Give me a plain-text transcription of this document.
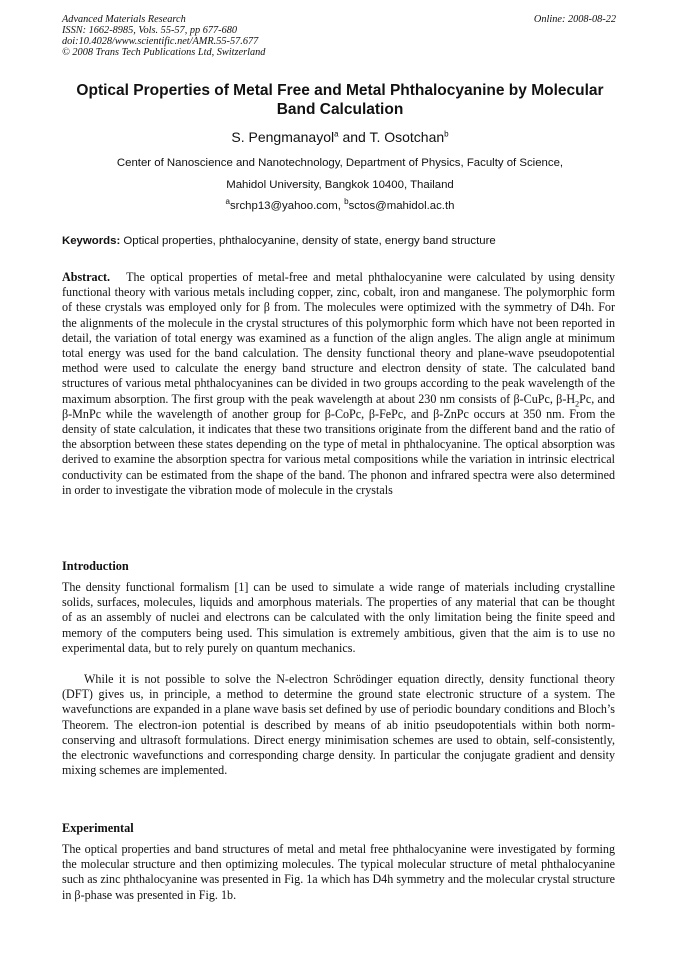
Advanced Materials Research
ISSN: 1662-8985, Vols. 55-57, pp 677-680
doi:10.4028/www.scientific.net/AMR.55-57.677
© 2008 Trans Tech Publications Ltd, Switzerland
Online: 2008-08-22
Optical Properties of Metal Free and Metal Phthalocyanine by Molecular Band Calculation
S. Pengmanayol$^a$ and T. Osotchan$^b$
Center of Nanoscience and Nanotechnology, Department of Physics, Faculty of Science,
Mahidol University, Bangkok 10400, Thailand
$^a$srchp13@yahoo.com, $^b$sctos@mahidol.ac.th
Keywords: Optical properties, phthalocyanine, density of state, energy band structure
Abstract.   The optical properties of metal-free and metal phthalocyanine were calculated by using density functional theory with various metals including copper, zinc, cobalt, iron and manganese. The polymorphic form of these crystals was employed only for β from. The molecules were optimized with the symmetry of D4h. For the alignments of the molecule in the crystal structures of this polymorphic form which have not been reported in detail, the variation of total energy was examined as a function of the align angles. The align angle at minimum total energy was used for the band calculation. The density functional theory and plane-wave pseudopotential method were used to calculate the energy band structure and electron density of state. The calculated band structures of various metal phthalocyanines can be divided in two groups according to the peak wavelength of the maximum absorption. The first group with the peak wavelength at about 230 nm consists of β-CuPc, $\beta-H_2Pc$, and β-MnPc while the wavelength of another group for β-CoPc, β-FePc, and β-ZnPc occurs at 350 nm. From the density of state calculation, it indicates that these two transitions originate from the different band and the ratio of the absorption between these states depending on the type of metal in phthalocyanine. The optical absorption was derived to examine the absorption spectra for various metal compositions while the variation in intrinsic electrical conductivity can be estimated from the shape of the band. The phonon and infrared spectra were also determined in order to investigate the vibration mode of molecule in the crystals
Introduction
The density functional formalism [1] can be used to simulate a wide range of materials including crystalline solids, surfaces, molecules, liquids and amorphous materials. The properties of any material that can be thought of as an assembly of nuclei and electrons can be calculated with the only limitation being the finite speed and memory of the computers being used. This simulation is extremely ambitious, given that the aim is to use no experimental data, but to rely purely on quantum mechanics.
While it is not possible to solve the N-electron Schrödinger equation directly, density functional theory (DFT) gives us, in principle, a method to determine the ground state electronic structure of a system. The wavefunctions are expanded in a plane wave basis set defined by use of periodic boundary conditions and Bloch’s Theorem. The electron-ion potential is described by means of ab initio pseudopotentials within both norm-conserving and ultrasoft formulations. Direct energy minimisation schemes are used to obtain, self-consistently, the electronic wavefunctions and corresponding charge density. In particular the conjugate gradient and density mixing schemes are implemented.
Experimental
The optical properties and band structures of metal and metal free phthalocyanine were investigated by forming the molecular structure and then optimizing molecules. The typical molecular structure of metal phthalocyanine such as zinc phthalocyanine was presented in Fig. 1a which has D4h symmetry and the molecular crystal structure in β-phase was presented in Fig. 1b.
